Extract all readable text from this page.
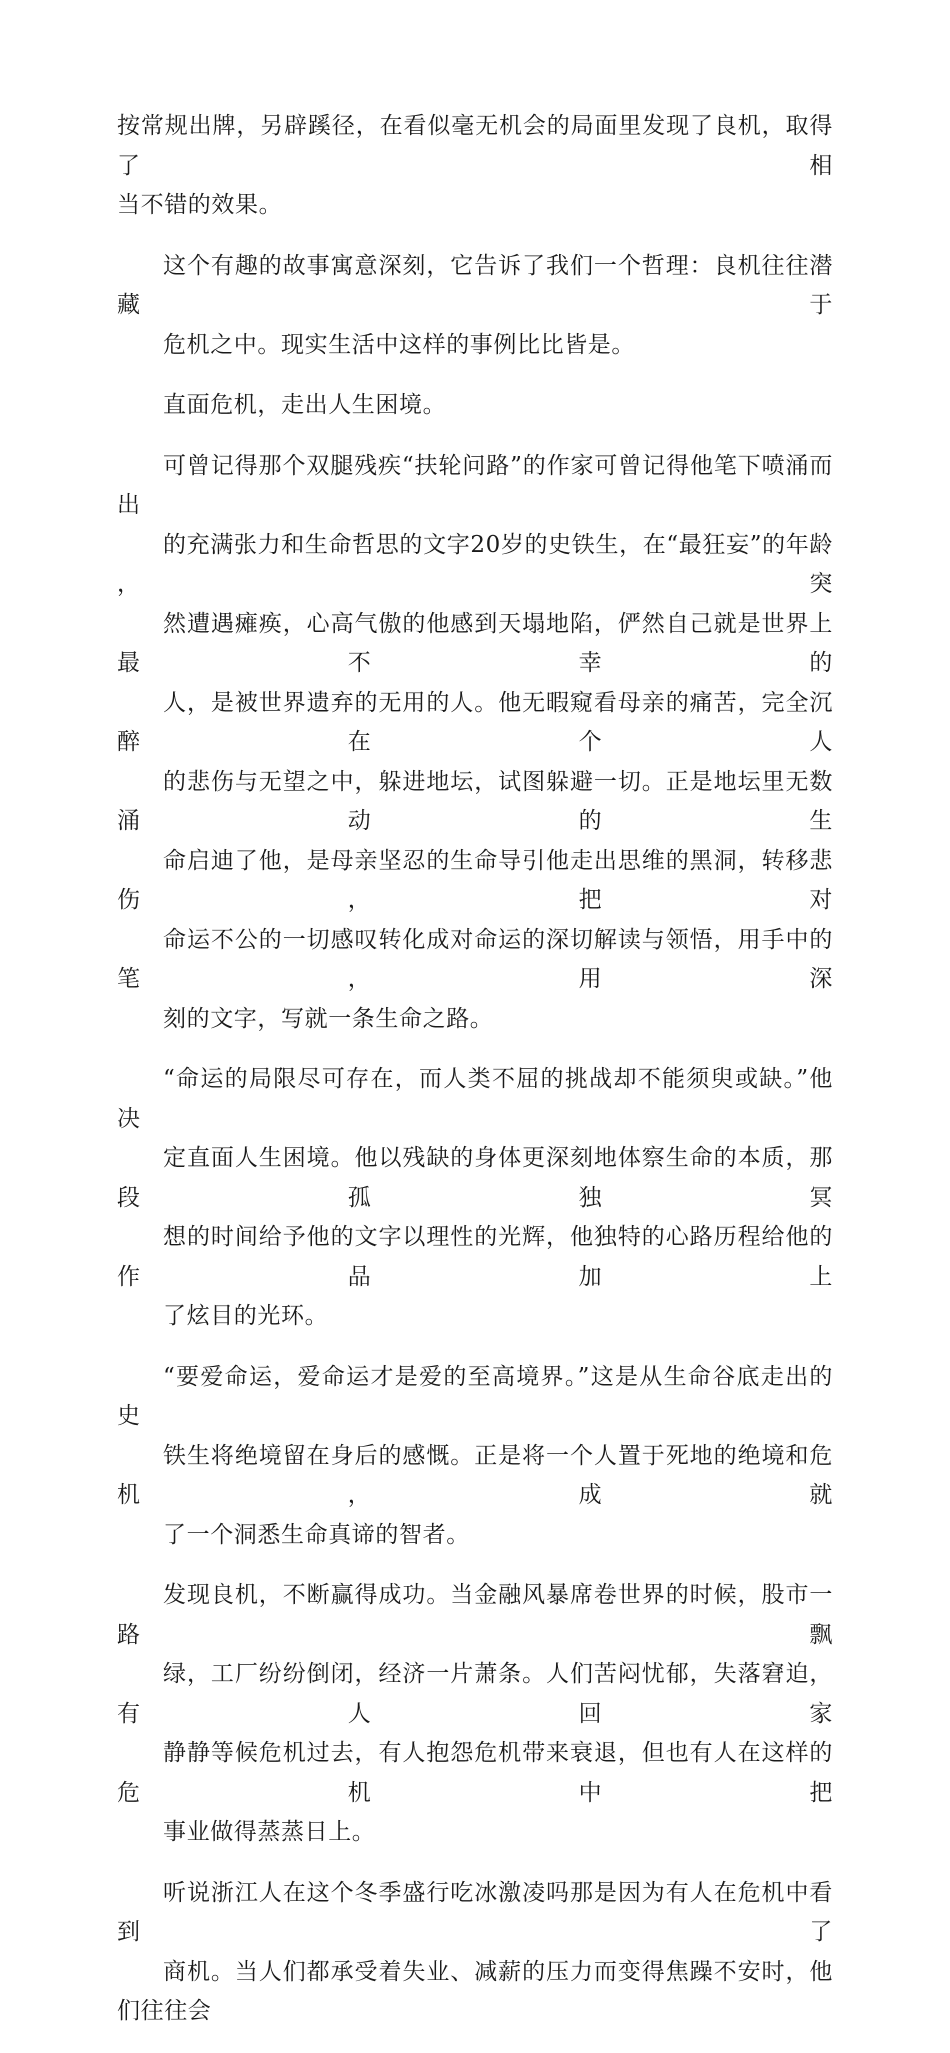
按常规出牌，另辟蹊径，在看似毫无机会的局面里发现了良机，取得了相
当不错的效果。

这个有趣的故事寓意深刻，它告诉了我们一个哲理：良机往往潜藏于
危机之中。现实生活中这样的事例比比皆是。

直面危机，走出人生困境。

可曾记得那个双腿残疾“扶轮问路”的作家可曾记得他笔下喷涌而出
的充满张力和生命哲思的文字20岁的史铁生，在“最狂妄”的年龄，突
然遭遇瘫痪，心高气傲的他感到天塌地陷，俨然自己就是世界上最不幸的
人，是被世界遗弃的无用的人。他无暇窥看母亲的痛苦，完全沉醉在个人
的悲伤与无望之中，躲进地坛，试图躲避一切。正是地坛里无数涌动的生
命启迪了他，是母亲坚忍的生命导引他走出思维的黑洞，转移悲伤，把对
命运不公的一切感叹转化成对命运的深切解读与领悟，用手中的笔，用深
刻的文字，写就一条生命之路。

“命运的局限尽可存在，而人类不屈的挑战却不能须臾或缺。”他决
定直面人生困境。他以残缺的身体更深刻地体察生命的本质，那段孤独冥
想的时间给予他的文字以理性的光辉，他独特的心路历程给他的作品加上
了炫目的光环。

“要爱命运，爱命运才是爱的至高境界。”这是从生命谷底走出的史
铁生将绝境留在身后的感慨。正是将一个人置于死地的绝境和危机，成就
了一个洞悉生命真谛的智者。

发现良机，不断赢得成功。当金融风暴席卷世界的时候，股市一路飘
绿，工厂纷纷倒闭，经济一片萧条。人们苦闷忧郁，失落窘迫，有人回家
静静等候危机过去，有人抱怨危机带来衰退，但也有人在这样的危机中把
事业做得蒸蒸日上。

听说浙江人在这个冬季盛行吃冰激凌吗那是因为有人在危机中看到了
商机。当人们都承受着失业、减薪的压力而变得焦躁不安时，他们往往会
